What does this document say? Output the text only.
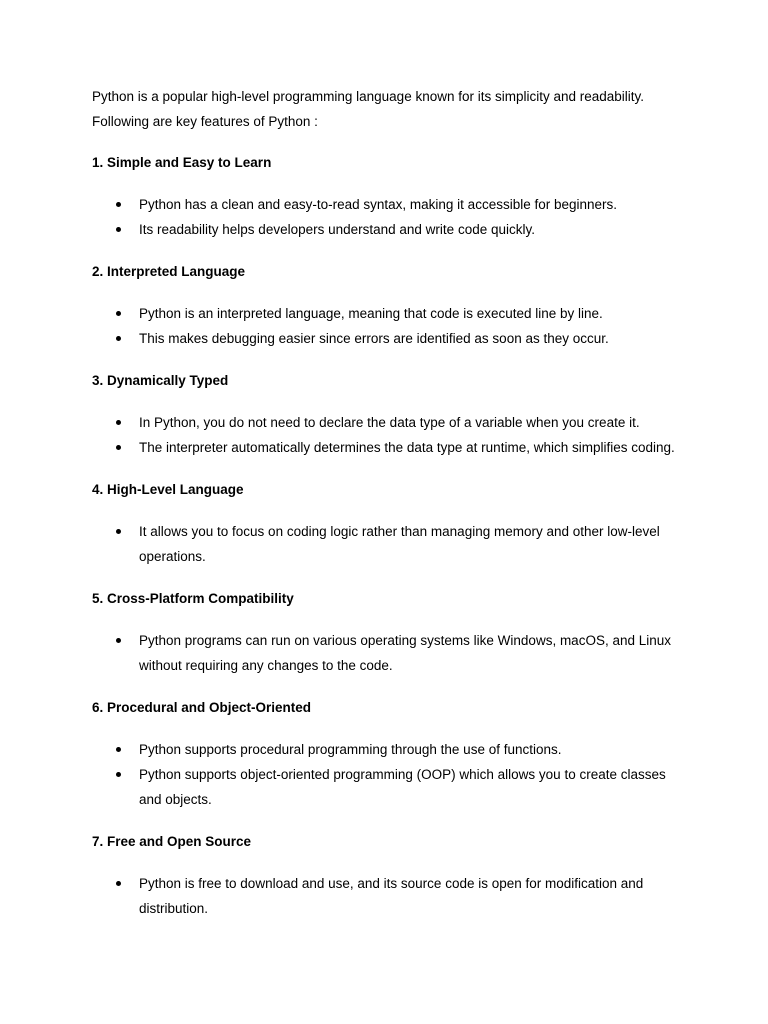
Python is a popular high-level programming language known for its simplicity and readability. Following are key features of Python :

1. Simple and Easy to Learn
Python has a clean and easy-to-read syntax, making it accessible for beginners.
Its readability helps developers understand and write code quickly.
2. Interpreted Language
Python is an interpreted language, meaning that code is executed line by line.
This makes debugging easier since errors are identified as soon as they occur.
3. Dynamically Typed
In Python, you do not need to declare the data type of a variable when you create it.
The interpreter automatically determines the data type at runtime, which simplifies coding.
4. High-Level Language
It allows you to focus on coding logic rather than managing memory and other low-level operations.
5. Cross-Platform Compatibility
Python programs can run on various operating systems like Windows, macOS, and Linux without requiring any changes to the code.
6. Procedural and Object-Oriented
Python supports procedural programming through the use of functions.
Python supports object-oriented programming (OOP) which allows you to create classes and objects.
7. Free and Open Source
Python is free to download and use, and its source code is open for modification and distribution.
